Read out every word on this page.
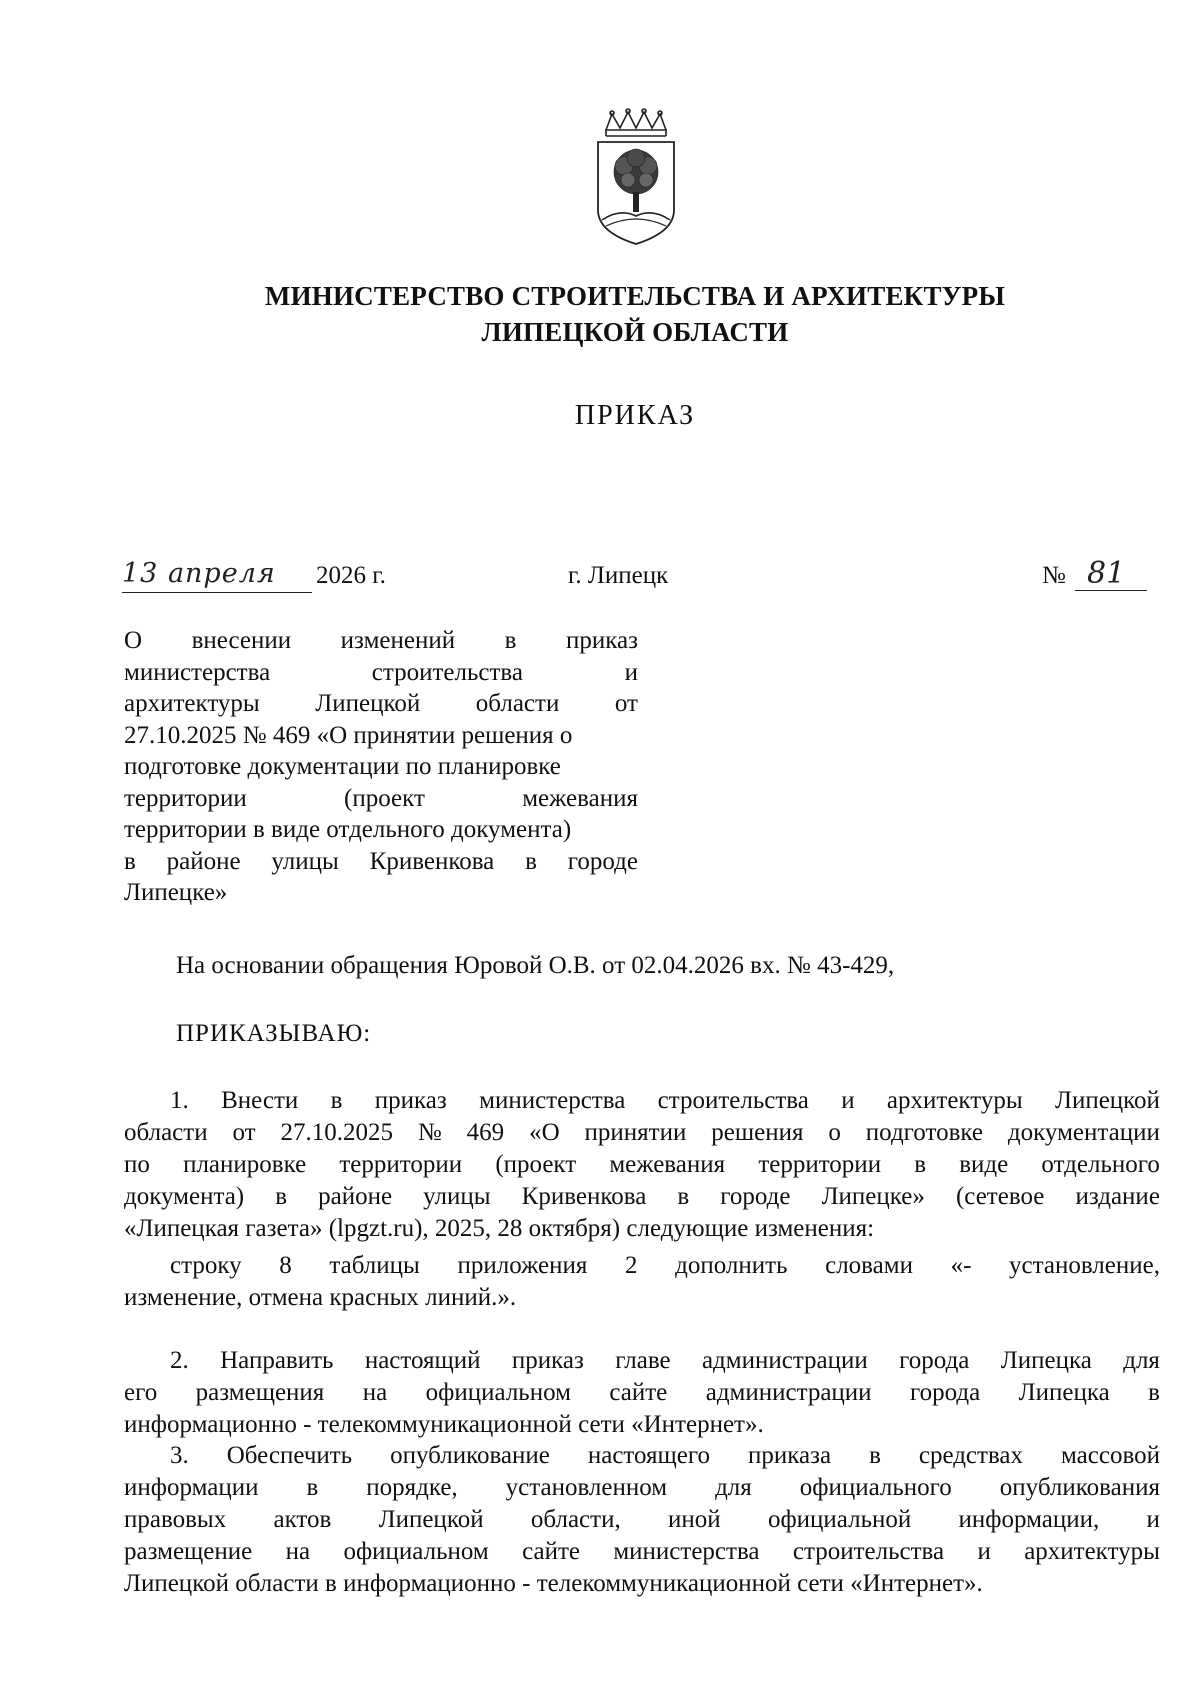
МИНИСТЕРСТВО СТРОИТЕЛЬСТВА И АРХИТЕКТУРЫ
ЛИПЕЦКОЙ ОБЛАСТИ
ПРИКАЗ
13 апреля	2026 г.	г. Липецк	№ 81
О внесении изменений в приказ
министерства	строительства	и
архитектуры Липецкой области от
27.10.2025 № 469 «О принятии решения о
подготовке документации по планировке
территории	(проект	межевания
территории в виде отдельного документа)
в районе улицы Кривенкова в городе
Липецке»
На основании обращения Юровой О.В. от 02.04.2026 вх. № 43-429,
ПРИКАЗЫВАЮ:
1. Внести в приказ министерства строительства и архитектуры Липецкой
области от 27.10.2025 № 469 «О принятии решения о подготовке документации
по планировке территории (проект межевания территории в виде отдельного
документа) в районе улицы Кривенкова в городе Липецке» (сетевое издание
«Липецкая газета» (lpgzt.ru), 2025, 28 октября) следующие изменения:
строку 8 таблицы приложения 2 дополнить словами «- установление,
изменение, отмена красных линий.».
2. Направить настоящий приказ главе администрации города Липецка для
его размещения на официальном сайте администрации города Липецка в
информационно - телекоммуникационной сети «Интернет».
3. Обеспечить опубликование настоящего приказа в средствах массовой
информации в порядке, установленном для официального опубликования
правовых актов Липецкой области, иной официальной информации, и
размещение на официальном сайте министерства строительства и архитектуры
Липецкой области в информационно - телекоммуникационной сети «Интернет».
